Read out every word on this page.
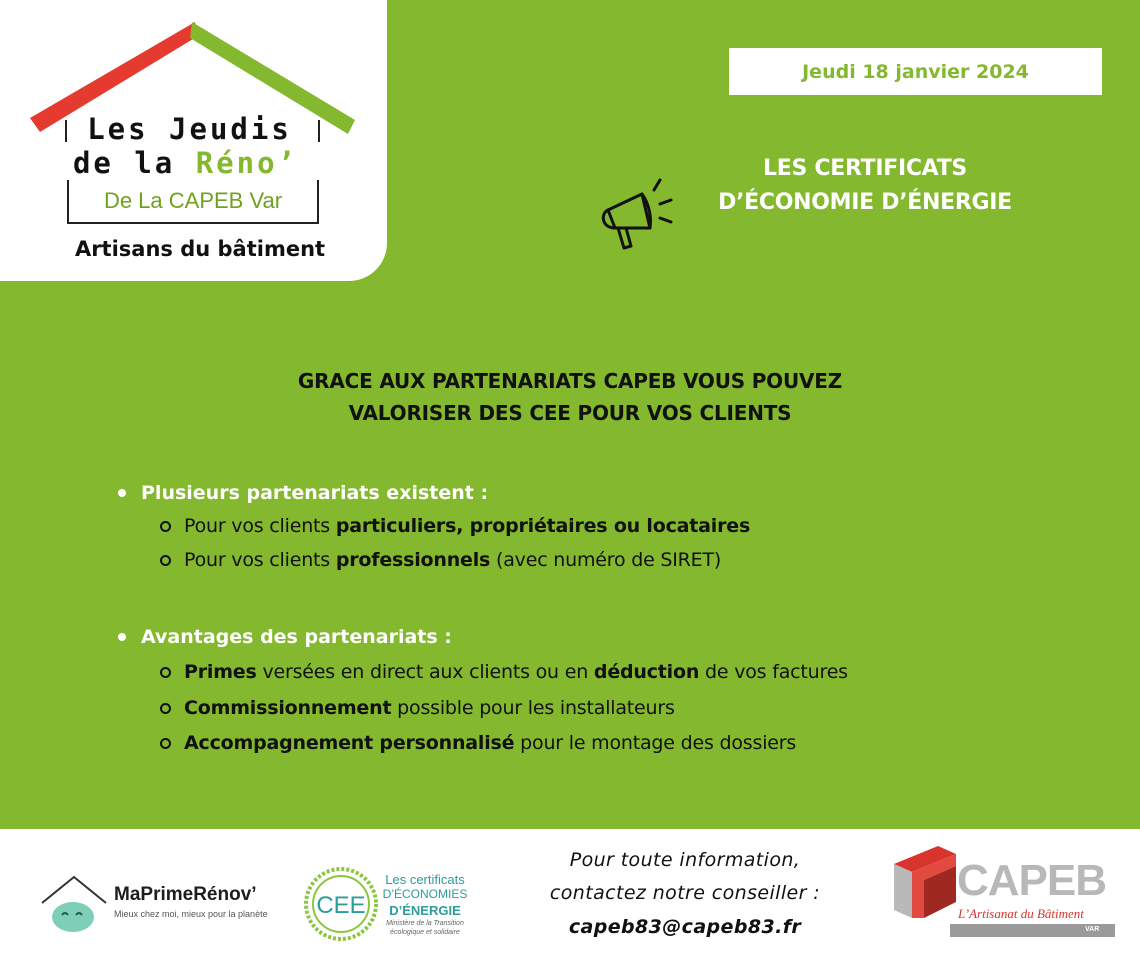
Les Jeudis
de la Réno’
De La CAPEB Var
Artisans du bâtiment
Jeudi 18 janvier 2024
LES CERTIFICATS
D’ÉCONOMIE D’ÉNERGIE
GRACE AUX PARTENARIATS CAPEB VOUS POUVEZ
VALORISER DES CEE POUR VOS CLIENTS
Plusieurs partenariats existent :
Pour vos clients
particuliers, propriétaires ou locataires
Pour vos clients
professionnels (avec numéro de SIRET)
Avantages des partenariats :
Primes versées en direct aux clients ou en déduction de vos factures
Commissionnement possible pour les installateurs
Accompagnement personnalisé pour le montage des dossiers
MaPrimeRénov’
Mieux chez moi, mieux pour la planète CEE
Les certificats
D’ÉCONOMIES
D’ÉNERGIE
Ministère de la Transition
écologique et solidaire
Pour toute information,
contactez notre conseiller :
capeb83@capeb83.fr
CAPEB
L’Artisanat du Bâtiment
VAR
